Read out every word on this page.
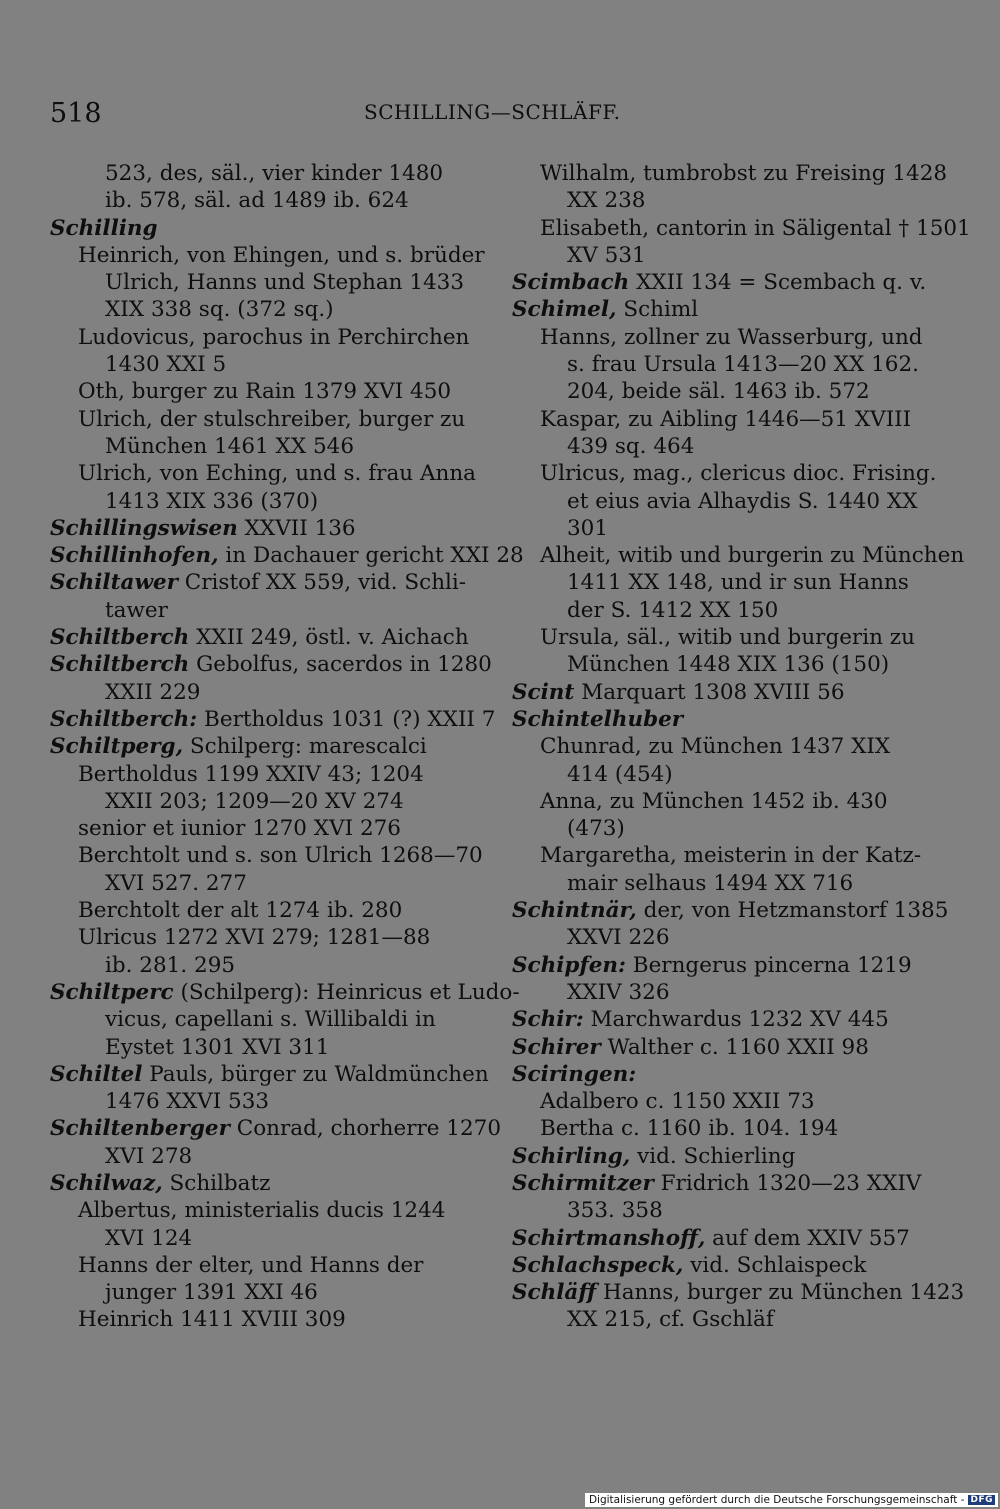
518	SCHILLING—SCHLÄFF.
523, des, säl., vier kinder 1480
ib. 578, säl. ad 1489 ib. 624
Schilling
Heinrich, von Ehingen, und s. brüder
Ulrich, Hanns und Stephan 1433
XIX 338 sq. (372 sq.)
Ludovicus, parochus in Perchirchen
1430 XXI 5
Oth, burger zu Rain 1379 XVI 450
Ulrich, der stulschreiber, burger zu
München 1461 XX 546
Ulrich, von Eching, und s. frau Anna
1413 XIX 336 (370)
Schillingswisen XXVII 136
Schillinhofen, in Dachauer gericht XXI 28
Schiltawer Cristof XX 559, vid. Schli-
tawer
Schiltberch XXII 249, östl. v. Aichach
Schiltberch Gebolfus, sacerdos in 1280
XXII 229
Schiltberch: Bertholdus 1031 (?) XXII 7
Schiltperg, Schilperg: marescalci
Bertholdus 1199 XXIV 43; 1204
XXII 203; 1209—20 XV 274
senior et iunior 1270 XVI 276
Berchtolt und s. son Ulrich 1268—70
XVI 527. 277
Berchtolt der alt 1274 ib. 280
Ulricus 1272 XVI 279; 1281—88
ib. 281. 295
Schiltperc (Schilperg): Heinricus et Ludo-
vicus, capellani s. Willibaldi in
Eystet 1301 XVI 311
Schiltel Pauls, bürger zu Waldmünchen
1476 XXVI 533
Schiltenberger Conrad, chorherre 1270
XVI 278
Schilwaz, Schilbatz
Albertus, ministerialis ducis 1244
XVI 124
Hanns der elter, und Hanns der
junger 1391 XXI 46
Heinrich 1411 XVIII 309
Wilhalm, tumbrobst zu Freising 1428
XX 238
Elisabeth, cantorin in Säligental † 1501
XV 531
Scimbach XXII 134 = Scembach q. v.
Schimel, Schiml
Hanns, zollner zu Wasserburg, und
s. frau Ursula 1413—20 XX 162.
204, beide säl. 1463 ib. 572
Kaspar, zu Aibling 1446—51 XVIII
439 sq. 464
Ulricus, mag., clericus dioc. Frising.
et eius avia Alhaydis S. 1440 XX
301
Alheit, witib und burgerin zu München
1411 XX 148, und ir sun Hanns
der S. 1412 XX 150
Ursula, säl., witib und burgerin zu
München 1448 XIX 136 (150)
Scint Marquart 1308 XVIII 56
Schintelhuber
Chunrad, zu München 1437 XIX
414 (454)
Anna, zu München 1452 ib. 430
(473)
Margaretha, meisterin in der Katz-
mair selhaus 1494 XX 716
Schintnär, der, von Hetzmanstorf 1385
XXVI 226
Schipfen: Berngerus pincerna 1219
XXIV 326
Schir: Marchwardus 1232 XV 445
Schirer Walther c. 1160 XXII 98
Sciringen:
Adalbero c. 1150 XXII 73
Bertha c. 1160 ib. 104. 194
Schirling, vid. Schierling
Schirmitzer Fridrich 1320—23 XXIV
353. 358
Schirtmanshoff, auf dem XXIV 557
Schlachspeck, vid. Schlaispeck
Schläff Hanns, burger zu München 1423
XX 215, cf. Gschläf
Digitalisierung gefördert durch die Deutsche Forschungsgemeinschaft - DFG
